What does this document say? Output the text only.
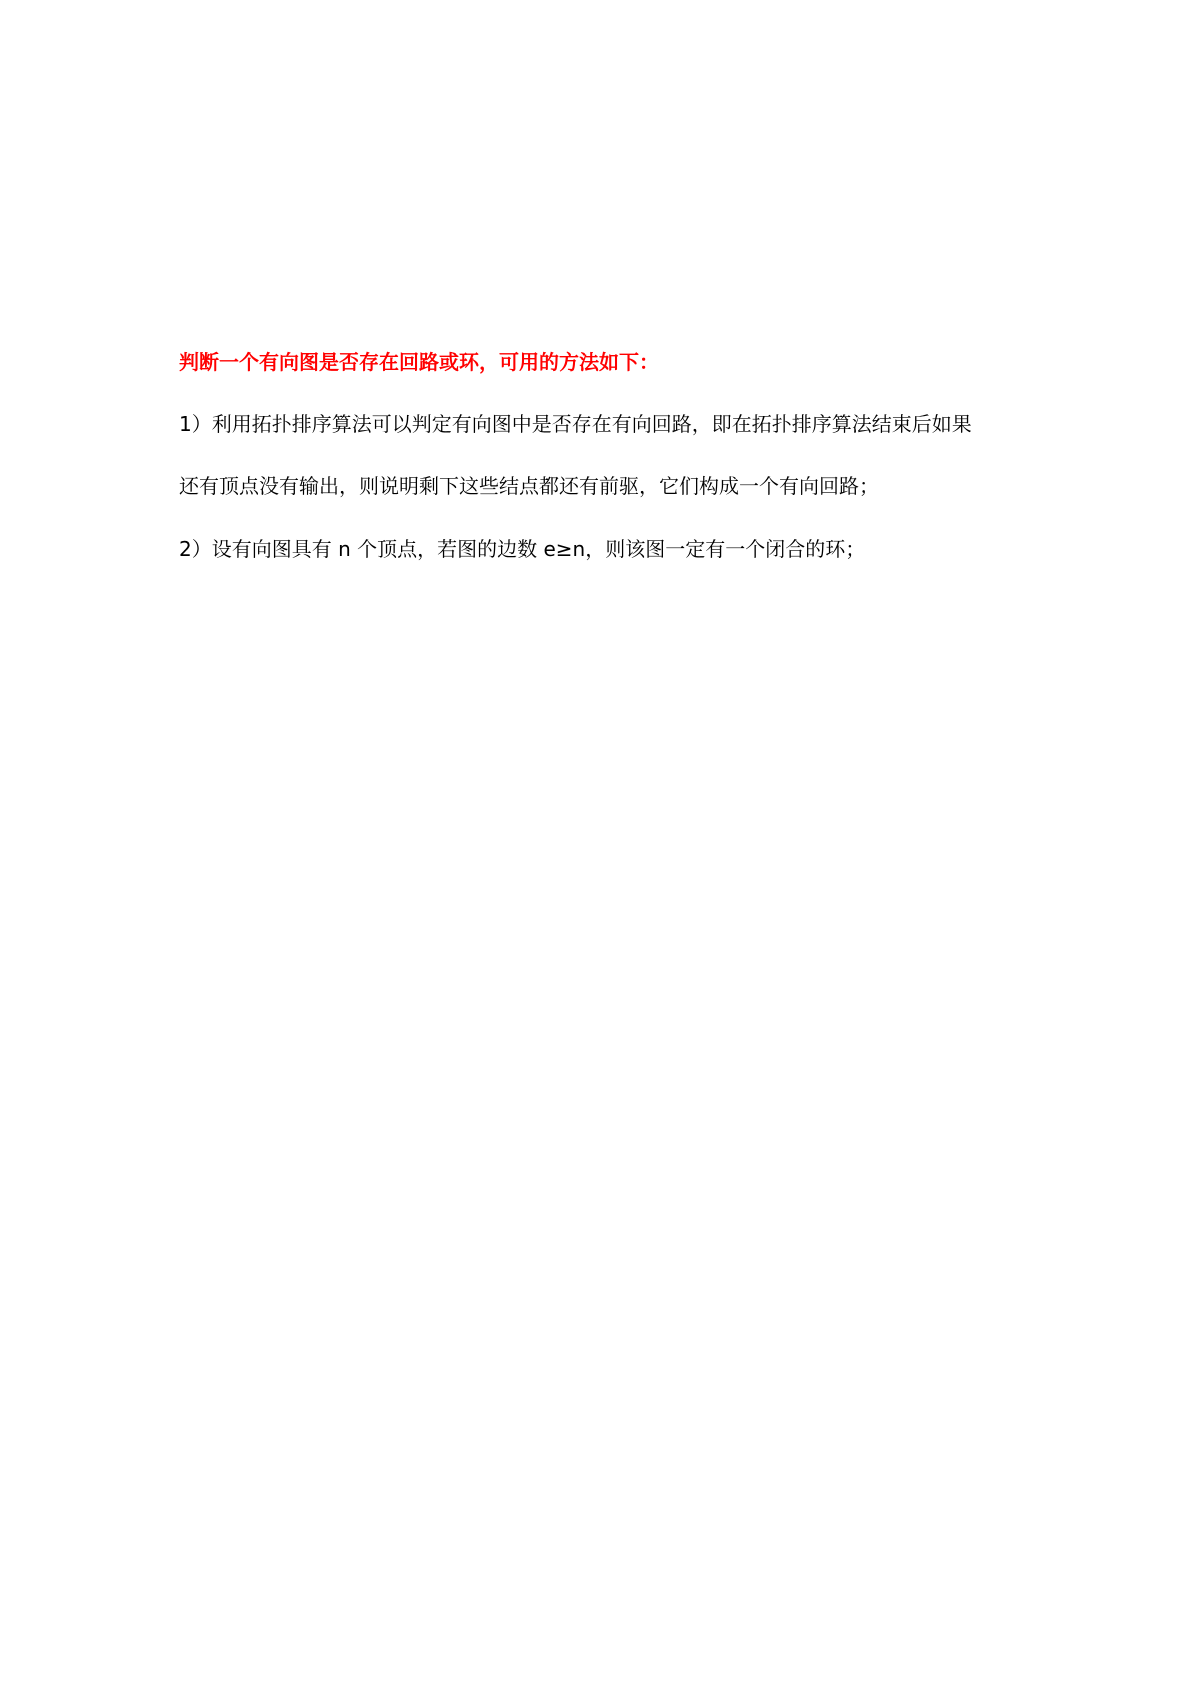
判断一个有向图是否存在回路或环，可用的方法如下：

1）利用拓扑排序算法可以判定有向图中是否存在有向回路，即在拓扑排序算法结束后如果

还有顶点没有输出，则说明剩下这些结点都还有前驱，它们构成一个有向回路；

2）设有向图具有 n 个顶点，若图的边数 e≥n，则该图一定有一个闭合的环；
